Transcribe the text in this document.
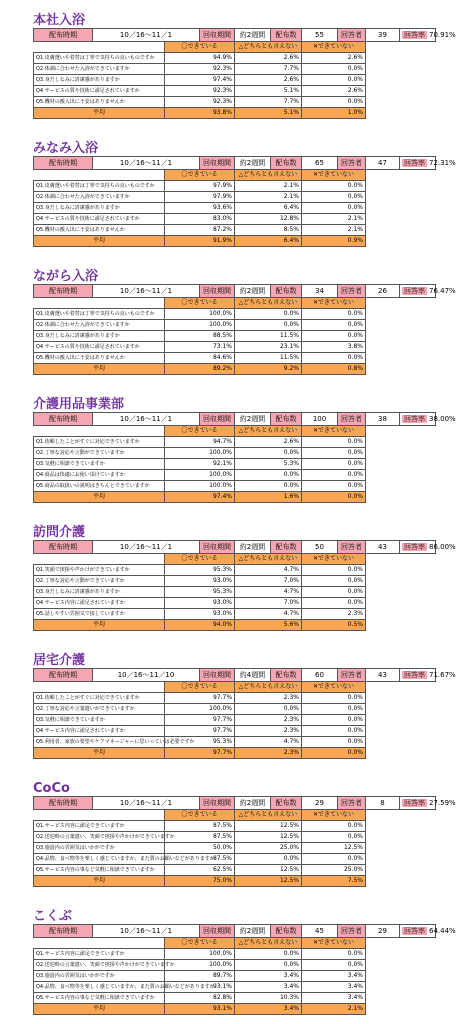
本社入浴
配布時期	10／16〜11／1		回収期間	約2週間	配布数	55	回答者	39	回答率 70.91%
		〇できている		△どちらとも言えない		✕できていない			
Q1.皮膚選いや着替は丁寧で気持ちの良いものですか		94.9%		2.6%		2.6%			
Q2.体調に合わせた入浴ができていますか		92.3%		7.7%		0.0%			
Q3.身だしなみに清潔感がありますか		97.4%		2.6%		0.0%			
Q4.サービスの質や技術に満足されていますか		92.3%		5.1%		2.6%			
Q5.機材の搬入出に不安はありませんか		92.3%		7.7%		0.0%			
平均		93.8%		5.1%		1.0%			
みなみ入浴
配布時期	10／16〜11／1		回収期間	約2週間	配布数	65	回答者	47	回答率 72.31%
		〇できている		△どちらとも言えない		✕できていない			
Q1.皮膚選いや着替は丁寧で気持ちの良いものですか		97.9%		2.1%		0.0%			
Q2.体調に合わせた入浴ができていますか		97.9%		2.1%		0.0%			
Q3.身だしなみに清潔感がありますか		93.6%		6.4%		0.0%			
Q4.サービスの質や技術に満足されていますか		83.0%		12.8%		2.1%			
Q5.機材の搬入出に不安はありませんか		87.2%		8.5%		2.1%			
平均		91.9%		6.4%		0.9%			
ながら入浴
配布時期	10／16〜11／1		回収期間	約2週間	配布数	34	回答者	26	回答率 76.47%
		〇できている		△どちらとも言えない		✕できていない			
Q1.皮膚選いや着替は丁寧で気持ちの良いものですか		100.0%		0.0%		0.0%			
Q2.体調に合わせた入浴ができていますか		100.0%		0.0%		0.0%			
Q3.身だしなみに清潔感がありますか		88.5%		11.5%		0.0%			
Q4.サービスの質や技術に満足されていますか		73.1%		23.1%		3.8%			
Q5.機材の搬入出に不安はありませんか		84.6%		11.5%		0.0%			
平均		89.2%		9.2%		0.8%			
介護用品事業部
配布時期	10／16〜11／1		回収期間	約2週間	配布数	100	回答者	38	回答率 38.00%
		〇できている		△どちらとも言えない		✕できていない			
Q1.依頼したことがすぐに対応できていますか		94.7%		2.6%		0.0%			
Q2.丁寧な対応や言動ができていますか		100.0%		0.0%		0.0%			
Q3.気軽に相談できていますか		92.1%		5.3%		0.0%			
Q4.商品は快適にお使い頂けていますか		100.0%		0.0%		0.0%			
Q5.商品の取扱いの説明はきちんとできていますか		100.0%		0.0%		0.0%			
平均		97.4%		1.6%		0.0%			
訪問介護
配布時期	10／16〜11／1		回収期間	約2週間	配布数	50	回答者	43	回答率 86.00%
		〇できている		△どちらとも言えない		✕できていない			
Q1.笑顔で挨拶や声かけができていますか		95.3%		4.7%		0.0%			
Q2.丁寧な対応や言動ができていますか		93.0%		7.0%		0.0%			
Q3.身だしなみに清潔感がありますか		95.3%		4.7%		0.0%			
Q4.サービス内容に満足されていますか		93.0%		7.0%		0.0%			
Q5.話しやすい雰囲気で接していますか		93.0%		4.7%		2.3%			
平均		94.0%		5.6%		0.5%			
居宅介護
配布時期	10／16〜11／10		回収期間	約4週間	配布数	60	回答者	43	回答率 71.67%
		〇できている		△どちらとも言えない		✕できていない			
Q1.依頼したことがすぐに対応できていますか		97.7%		2.3%		0.0%			
Q2.丁寧な対応や言葉遣いができていますか		100.0%		0.0%		0.0%			
Q3.気軽に相談できていますか		97.7%		2.3%		0.0%			
Q4.サービス内容に満足されていますか		97.7%		2.3%		0.0%			
Q5.利用者、家族の要望やケアマネージャーに思いっていは必要ですか		95.3%		4.7%		0.0%			
平均		97.7%		2.3%		0.0%			
CoCo
配布時期	10／16〜11／1		回収期間	約2週間	配布数	29	回答者	8	回答率 27.59%
		〇できている		△どちらとも言えない		✕できていない			
Q1.サービス内容に満足できていますか		87.5%		12.5%		0.0%			
Q2.送迎時の言葉遣い、笑顔で挨拶や声かけができていますか		87.5%		12.5%		0.0%			
Q3.施設内の雰囲気はいかがですか		50.0%		25.0%		12.5%			
Q4.品物、食べ物等を楽しく感じていますか、また質のお願いなどがありますか		87.5%		0.0%		0.0%			
Q5.サービス内容の事など気軽に相談できていますか		62.5%		12.5%		25.0%			
平均		75.0%		12.5%		7.5%			
こくぶ
配布時期	10／16〜11／1		回収期間	約2週間	配布数	45	回答者	29	回答率 64.44%
		〇できている		△どちらとも言えない		✕できていない			
Q1.サービス内容に満足できていますか		100.0%		0.0%		0.0%			
Q2.送迎時の言葉遣い、笑顔で挨拶や声かけができていますか		100.0%		0.0%		0.0%			
Q3.施設内の雰囲気はいかがですか		89.7%		3.4%		3.4%			
Q4.品物、食べ物等を楽しく感じていますか、また質のお願いなどがありますか		93.1%		3.4%		3.4%			
Q5.サービス内容の事など気軽に相談できていますか		82.8%		10.3%		3.4%			
平均		93.1%		3.4%		2.1%			
